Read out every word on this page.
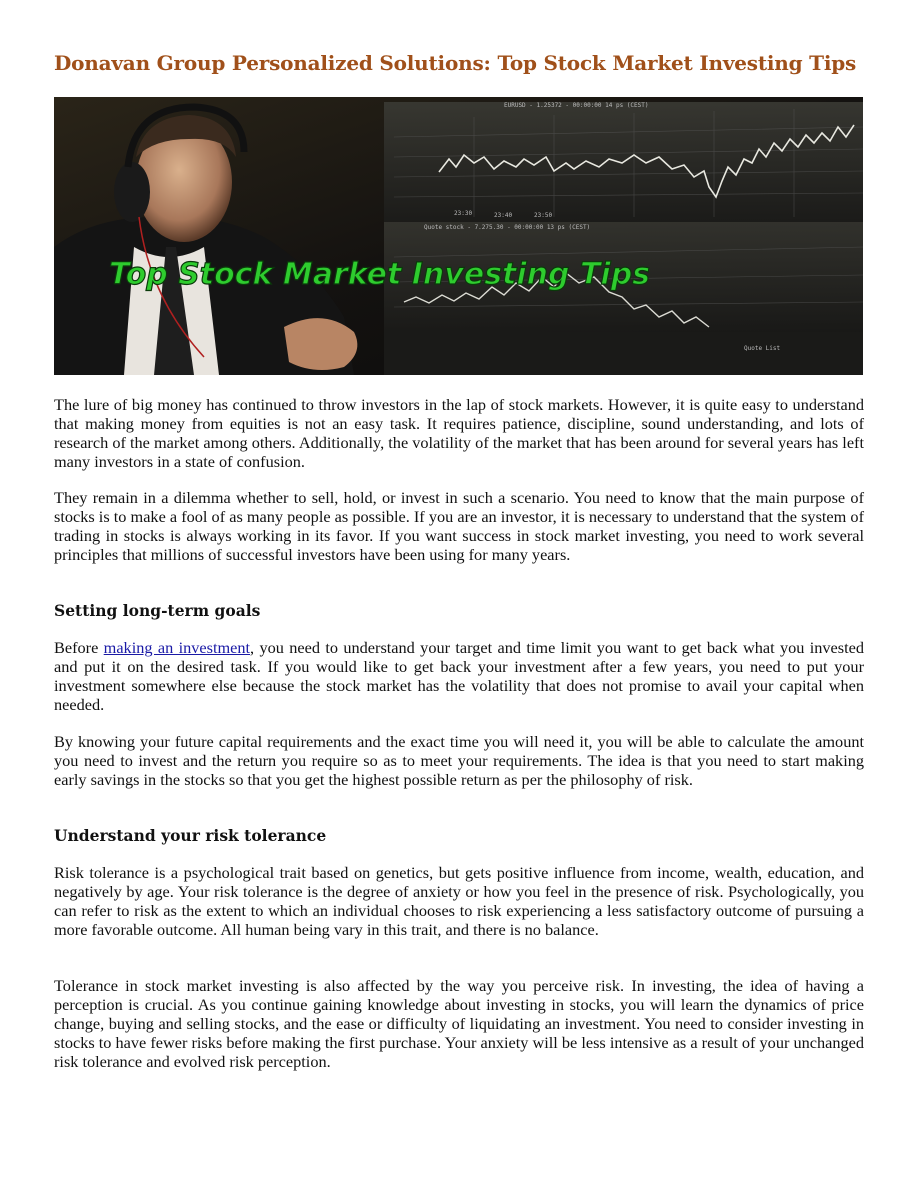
Donavan Group Personalized Solutions: Top Stock Market Investing Tips
EURUSD - 1.25372 - 00:00:00 14 ps (CEST)
Quote stock - 7.275.30 - 00:00:00 13 ps (CEST)
Quote List
23:30	23:40	23:50
Top Stock Market Investing Tips

The lure of big money has continued to throw investors in the lap of stock markets. However, it is quite easy to understand that making money from equities is not an easy task. It requires patience, discipline, sound understanding, and lots of research of the market among others. Additionally, the volatility of the market that has been around for several years has left many investors in a state of confusion.

They remain in a dilemma whether to sell, hold, or invest in such a scenario. You need to know that the main purpose of stocks is to make a fool of as many people as possible. If you are an investor, it is necessary to understand that the system of trading in stocks is always working in its favor. If you want success in stock market investing, you need to work several principles that millions of successful investors have been using for many years.

Setting long-term goals

Before making an investment, you need to understand your target and time limit you want to get back what you invested and put it on the desired task. If you would like to get back your investment after a few years, you need to put your investment somewhere else because the stock market has the volatility that does not promise to avail your capital when needed.

By knowing your future capital requirements and the exact time you will need it, you will be able to calculate the amount you need to invest and the return you require so as to meet your requirements. The idea is that you need to start making early savings in the stocks so that you get the highest possible return as per the philosophy of risk.

Understand your risk tolerance

Risk tolerance is a psychological trait based on genetics, but gets positive influence from income, wealth, education, and negatively by age. Your risk tolerance is the degree of anxiety or how you feel in the presence of risk. Psychologically, you can refer to risk as the extent to which an individual chooses to risk experiencing a less satisfactory outcome of pursuing a more favorable outcome. All human being vary in this trait, and there is no balance.

Tolerance in stock market investing is also affected by the way you perceive risk. In investing, the idea of having a perception is crucial. As you continue gaining knowledge about investing in stocks, you will learn the dynamics of price change, buying and selling stocks, and the ease or difficulty of liquidating an investment. You need to consider investing in stocks to have fewer risks before making the first purchase. Your anxiety will be less intensive as a result of your unchanged risk tolerance and evolved risk perception.
